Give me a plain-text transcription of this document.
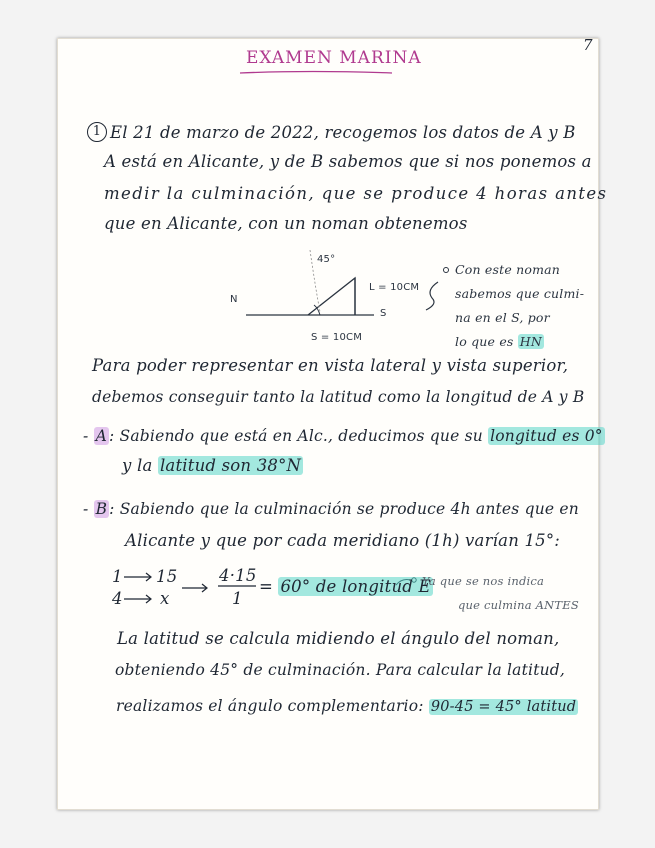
7
EXAMEN MARINA
1 El 21 de marzo de 2022, recogemos los datos de A y B
A está en Alicante, y de B sabemos que si nos ponemos a
medir la culminación, que se produce 4 horas antes
que en Alicante, con un noman obtenemos
45°
N
S
L = 10CM
S = 10CM
Con este noman
sabemos que culmi-
na en el S, por
lo que es HN
Para poder representar en vista lateral y vista superior,
debemos conseguir tanto la latitud como la longitud de A y B
- A : Sabiendo que está en Alc., deducimos que su longitud es 0°
y la latitud son 38°N
- B : Sabiendo que la culminación se produce 4h antes que en
Alicante y que por cada meridiano (1h) varían 15°:
1 15
4 x
4·15
1
= 60° de longitud E
Ya que se nos indica
que culmina ANTES
La latitud se calcula midiendo el ángulo del noman,
obteniendo 45° de culminación. Para calcular la latitud,
realizamos el ángulo complementario: 90-45 = 45° latitud
